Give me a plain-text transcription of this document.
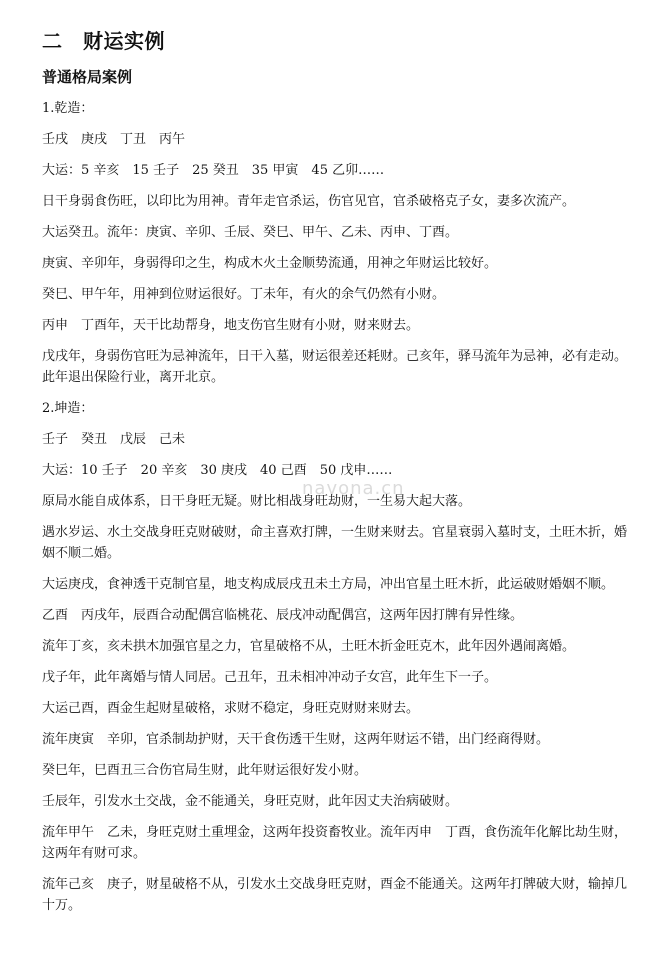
二　财运实例
普通格局案例

1.乾造：

壬戌　庚戌　丁丑　丙午

大运：5 辛亥　15 壬子　25 癸丑　35 甲寅　45 乙卯……

日干身弱食伤旺，以印比为用神。青年走官杀运，伤官见官，官杀破格克子女，妻多次流产。

大运癸丑。流年：庚寅、辛卯、壬辰、癸巳、甲午、乙未、丙申、丁酉。

庚寅、辛卯年，身弱得印之生，构成木火土金顺势流通，用神之年财运比较好。

癸巳、甲午年，用神到位财运很好。丁未年，有火的余气仍然有小财。

丙申　丁酉年，天干比劫帮身，地支伤官生财有小财，财来财去。

戊戌年，身弱伤官旺为忌神流年，日干入墓，财运很差还耗财。己亥年，驿马流年为忌神，必有走动。此年退出保险行业，离开北京。

2.坤造：

壬子　癸丑　戊辰　己未

大运：10 壬子　20 辛亥　30 庚戌　40 己酉　50 戊申……

原局水能自成体系，日干身旺无疑。财比相战身旺劫财，一生易大起大落。

遇水岁运、水土交战身旺克财破财，命主喜欢打牌，一生财来财去。官星衰弱入墓时支，土旺木折，婚姻不顺二婚。

大运庚戌，食神透干克制官星，地支构成辰戌丑未土方局，冲出官星土旺木折，此运破财婚姻不顺。

乙酉　丙戌年，辰酉合动配偶宫临桃花、辰戌冲动配偶宫，这两年因打牌有异性缘。

流年丁亥，亥未拱木加强官星之力，官星破格不从，土旺木折金旺克木，此年因外遇闹离婚。

戊子年，此年离婚与情人同居。己丑年，丑未相冲冲动子女宫，此年生下一子。

大运己酉，酉金生起财星破格，求财不稳定，身旺克财财来财去。

流年庚寅　辛卯，官杀制劫护财，天干食伤透干生财，这两年财运不错，出门经商得财。

癸巳年，巳酉丑三合伤官局生财，此年财运很好发小财。

壬辰年，引发水土交战，金不能通关，身旺克财，此年因丈夫治病破财。

流年甲午　乙未，身旺克财土重埋金，这两年投资畜牧业。流年丙申　丁酉，食伤流年化解比劫生财，这两年有财可求。

流年己亥　庚子，财星破格不从，引发水土交战身旺克财，酉金不能通关。这两年打牌破大财，输掉几十万。

navona.cn
